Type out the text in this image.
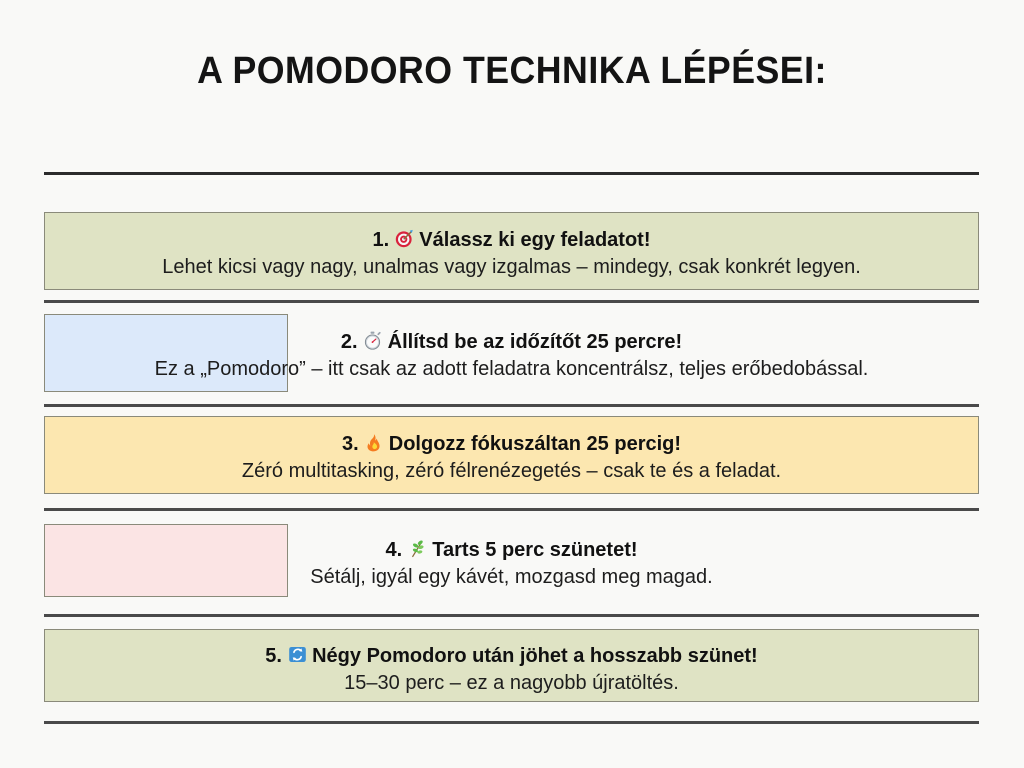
A POMODORO TECHNIKA LÉPÉSEI:
1. Válassz ki egy feladatot!
Lehet kicsi vagy nagy, unalmas vagy izgalmas – mindegy, csak konkrét legyen.
2. Állítsd be az időzítőt 25 percre!
Ez a „Pomodoro” – itt csak az adott feladatra koncentrálsz, teljes erőbedobással.
3. Dolgozz fókuszáltan 25 percig!
Zéró multitasking, zéró félrenézegetés – csak te és a feladat.
4. Tarts 5 perc szünetet!
Sétálj, igyál egy kávét, mozgasd meg magad.
5. Négy Pomodoro után jöhet a hosszabb szünet!
15–30 perc – ez a nagyobb újratöltés.
